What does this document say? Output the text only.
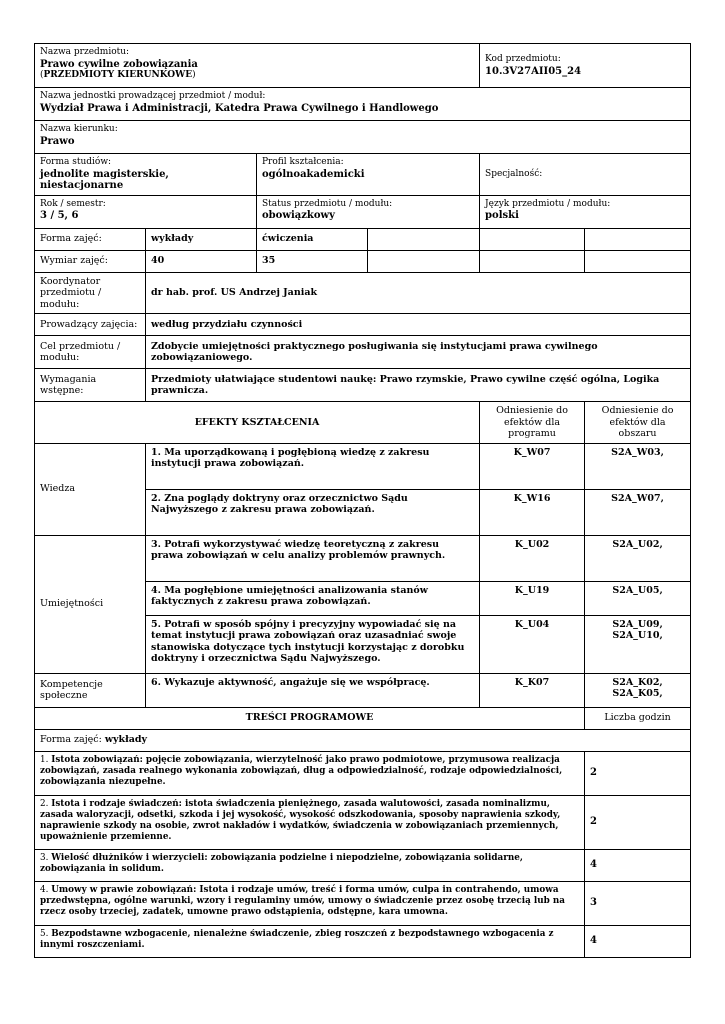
Nazwa przedmiotu:
Prawo cywilne zobowiązania
(PRZEDMIOTY KIERUNKOWE)				Kod przedmiotu:
10.3V27AII05_24	

Nazwa jednostki prowadzącej przedmiot / moduł:
Wydział Prawa i Administracji, Katedra Prawa Cywilnego i Handlowego					

Nazwa kierunku:
Prawo					

Forma studiów:
jednolite magisterskie, niestacjonarne		Profil kształcenia:
ogólnoakademicki		Specjalność:	

Rok / semestr:
3 / 5, 6		Status przedmiotu / modułu:
obowiązkowy		Język przedmiotu / modułu:
polski	

Forma zajęć:	wykłady	ćwiczenia			
Wymiar zajęć:	40	35			
Koordynator przedmiotu / modułu:	dr hab. prof. US Andrzej Janiak				
Prowadzący zajęcia:	według przydziału czynności				
Cel przedmiotu / modułu:	Zdobycie umiejętności praktycznego posługiwania się instytucjami prawa cywilnego zobowiązaniowego.				
Wymagania wstępne:	Przedmioty ułatwiające studentowi naukę: Prawo rzymskie, Prawo cywilne część ogólna, Logika prawnicza.				
EFEKTY KSZTAŁCENIA				Odniesienie do efektów dla programu	Odniesienie do efektów dla obszaru
Wiedza	1. Ma uporządkowaną i pogłębioną wiedzę z zakresu instytucji prawa zobowiązań.			K_W07	S2A_W03,
	2. Zna poglądy doktryny oraz orzecznictwo Sądu Najwyższego z zakresu prawa zobowiązań.			K_W16	S2A_W07,
Umiejętności	3. Potrafi wykorzystywać wiedzę teoretyczną z zakresu prawa zobowiązań w celu analizy problemów prawnych.			K_U02	S2A_U02,
	4. Ma pogłębione umiejętności analizowania stanów faktycznych z zakresu prawa zobowiązań.			K_U19	S2A_U05,
	5. Potrafi w sposób spójny i precyzyjny wypowiadać się na temat instytucji prawa zobowiązań oraz uzasadniać swoje stanowiska dotyczące tych instytucji korzystając z dorobku doktryny i orzecznictwa Sądu Najwyższego.			K_U04	S2A_U09, S2A_U10,
Kompetencje społeczne	6. Wykazuje aktywność, angażuje się we współpracę.			K_K07	S2A_K02, S2A_K05,
TREŚCI PROGRAMOWE					Liczba godzin
Forma zajęć: wykłady					
1. Istota zobowiązań: pojęcie zobowiązania, wierzytelność jako prawo podmiotowe, przymusowa realizacja zobowiązań, zasada realnego wykonania zobowiązań, dług a odpowiedzialność, rodzaje odpowiedzialności, zobowiązania niezupełne.					2
2. Istota i rodzaje świadczeń: istota świadczenia pieniężnego, zasada walutowości, zasada nominalizmu, zasada waloryzacji, odsetki, szkoda i jej wysokość, wysokość odszkodowania, sposoby naprawienia szkody, naprawienie szkody na osobie, zwrot nakładów i wydatków, świadczenia w zobowiązaniach przemiennych, upoważnienie przemienne.					2
3. Wielość dłużników i wierzycieli: zobowiązania podzielne i niepodzielne, zobowiązania solidarne, zobowiązania in solidum.					4
4. Umowy w prawie zobowiązań: Istota i rodzaje umów, treść i forma umów, culpa in contrahendo, umowa przedwstępna, ogólne warunki, wzory i regulaminy umów, umowy o świadczenie przez osobę trzecią lub na rzecz osoby trzeciej, zadatek, umowne prawo odstąpienia, odstępne, kara umowna.					3
5. Bezpodstawne wzbogacenie, nienależne świadczenie, zbieg roszczeń z bezpodstawnego wzbogacenia z innymi roszczeniami.					4
